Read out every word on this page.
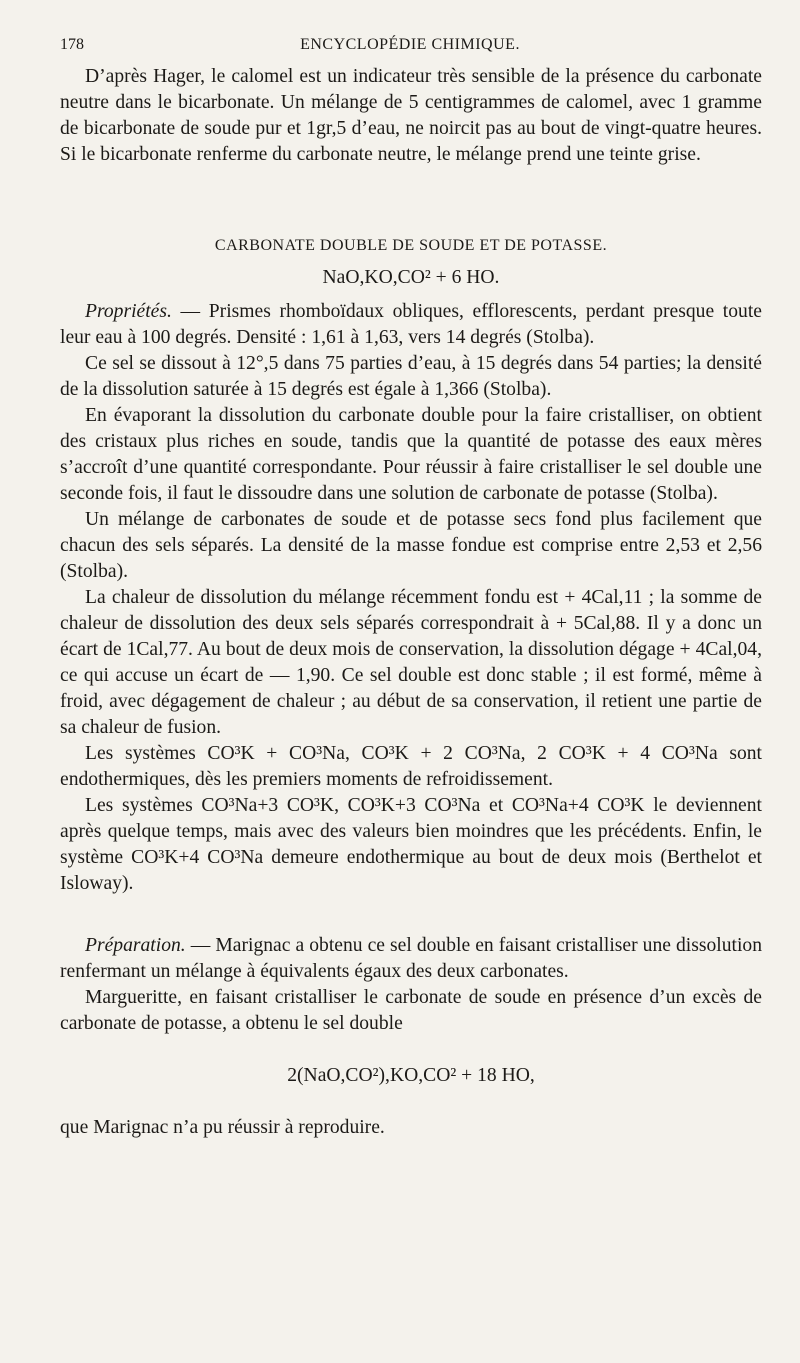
178	ENCYCLOPÉDIE CHIMIQUE.

D’après Hager, le calomel est un indicateur très sensible de la présence du carbonate neutre dans le bicarbonate. Un mélange de 5 centigrammes de calomel, avec 1 gramme de bicarbonate de soude pur et 1gr,5 d’eau, ne noircit pas au bout de vingt-quatre heures. Si le bicarbonate renferme du carbonate neutre, le mélange prend une teinte grise.

CARBONATE DOUBLE DE SOUDE ET DE POTASSE.
NaO,KO,CO² + 6 HO.

Propriétés. — Prismes rhomboïdaux obliques, efflorescents, perdant presque toute leur eau à 100 degrés. Densité : 1,61 à 1,63, vers 14 degrés (Stolba).

Ce sel se dissout à 12°,5 dans 75 parties d’eau, à 15 degrés dans 54 parties; la densité de la dissolution saturée à 15 degrés est égale à 1,366 (Stolba).

En évaporant la dissolution du carbonate double pour la faire cristalliser, on obtient des cristaux plus riches en soude, tandis que la quantité de potasse des eaux mères s’accroît d’une quantité correspondante. Pour réussir à faire cristalliser le sel double une seconde fois, il faut le dissoudre dans une solution de carbonate de potasse (Stolba).

Un mélange de carbonates de soude et de potasse secs fond plus facilement que chacun des sels séparés. La densité de la masse fondue est comprise entre 2,53 et 2,56 (Stolba).

La chaleur de dissolution du mélange récemment fondu est + 4Cal,11 ; la somme de chaleur de dissolution des deux sels séparés correspondrait à + 5Cal,88. Il y a donc un écart de 1Cal,77. Au bout de deux mois de conservation, la dissolution dégage + 4Cal,04, ce qui accuse un écart de — 1,90. Ce sel double est donc stable ; il est formé, même à froid, avec dégagement de chaleur ; au début de sa conservation, il retient une partie de sa chaleur de fusion.

Les systèmes CO³K + CO³Na, CO³K + 2 CO³Na, 2 CO³K + 4 CO³Na sont endothermiques, dès les premiers moments de refroidissement.

Les systèmes CO³Na+3 CO³K, CO³K+3 CO³Na et CO³Na+4 CO³K le deviennent après quelque temps, mais avec des valeurs bien moindres que les précédents. Enfin, le système CO³K+4 CO³Na demeure endothermique au bout de deux mois (Berthelot et Isloway).

Préparation. — Marignac a obtenu ce sel double en faisant cristalliser une dissolution renfermant un mélange à équivalents égaux des deux carbonates.

Margueritte, en faisant cristalliser le carbonate de soude en présence d’un excès de carbonate de potasse, a obtenu le sel double

2(NaO,CO²),KO,CO² + 18 HO,

que Marignac n’a pu réussir à reproduire.
